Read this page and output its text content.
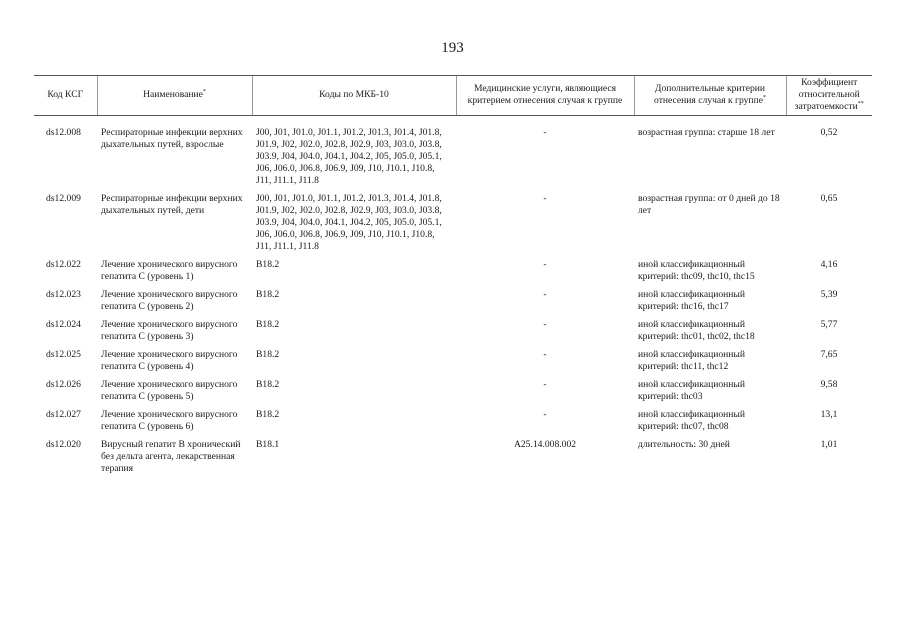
193
Код КСГ	Наименование*	Коды по МКБ-10	Медицинские услуги, являющиеся критерием отнесения случая к группе	Дополнительные критерии отнесения случая к группе*	Коэффициент относительной затратоемкости**
ds12.008	Респираторные инфекции верхних дыхательных путей, взрослые	J00, J01, J01.0, J01.1, J01.2, J01.3, J01.4, J01.8, J01.9, J02, J02.0, J02.8, J02.9, J03, J03.0, J03.8, J03.9, J04, J04.0, J04.1, J04.2, J05, J05.0, J05.1, J06, J06.0, J06.8, J06.9, J09, J10, J10.1, J10.8, J11, J11.1, J11.8	-	возрастная группа: старше 18 лет	0,52
ds12.009	Респираторные инфекции верхних дыхательных путей, дети	J00, J01, J01.0, J01.1, J01.2, J01.3, J01.4, J01.8, J01.9, J02, J02.0, J02.8, J02.9, J03, J03.0, J03.8, J03.9, J04, J04.0, J04.1, J04.2, J05, J05.0, J05.1, J06, J06.0, J06.8, J06.9, J09, J10, J10.1, J10.8, J11, J11.1, J11.8	-	возрастная группа: от 0 дней до 18 лет	0,65
ds12.022	Лечение хронического вирусного гепатита C (уровень 1)	B18.2	-	иной классификационный критерий: thc09, thc10, thc15	4,16
ds12.023	Лечение хронического вирусного гепатита C (уровень 2)	B18.2	-	иной классификационный критерий: thc16, thc17	5,39
ds12.024	Лечение хронического вирусного гепатита C (уровень 3)	B18.2	-	иной классификационный критерий: thc01, thc02, thc18	5,77
ds12.025	Лечение хронического вирусного гепатита C (уровень 4)	B18.2	-	иной классификационный критерий: thc11, thc12	7,65
ds12.026	Лечение хронического вирусного гепатита C (уровень 5)	B18.2	-	иной классификационный критерий: thc03	9,58
ds12.027	Лечение хронического вирусного гепатита C (уровень 6)	B18.2	-	иной классификационный критерий: thc07, thc08	13,1
ds12.020	Вирусный гепатит B хронический без дельта агента, лекарственная терапия	B18.1	A25.14.008.002	длительность: 30 дней	1,01
